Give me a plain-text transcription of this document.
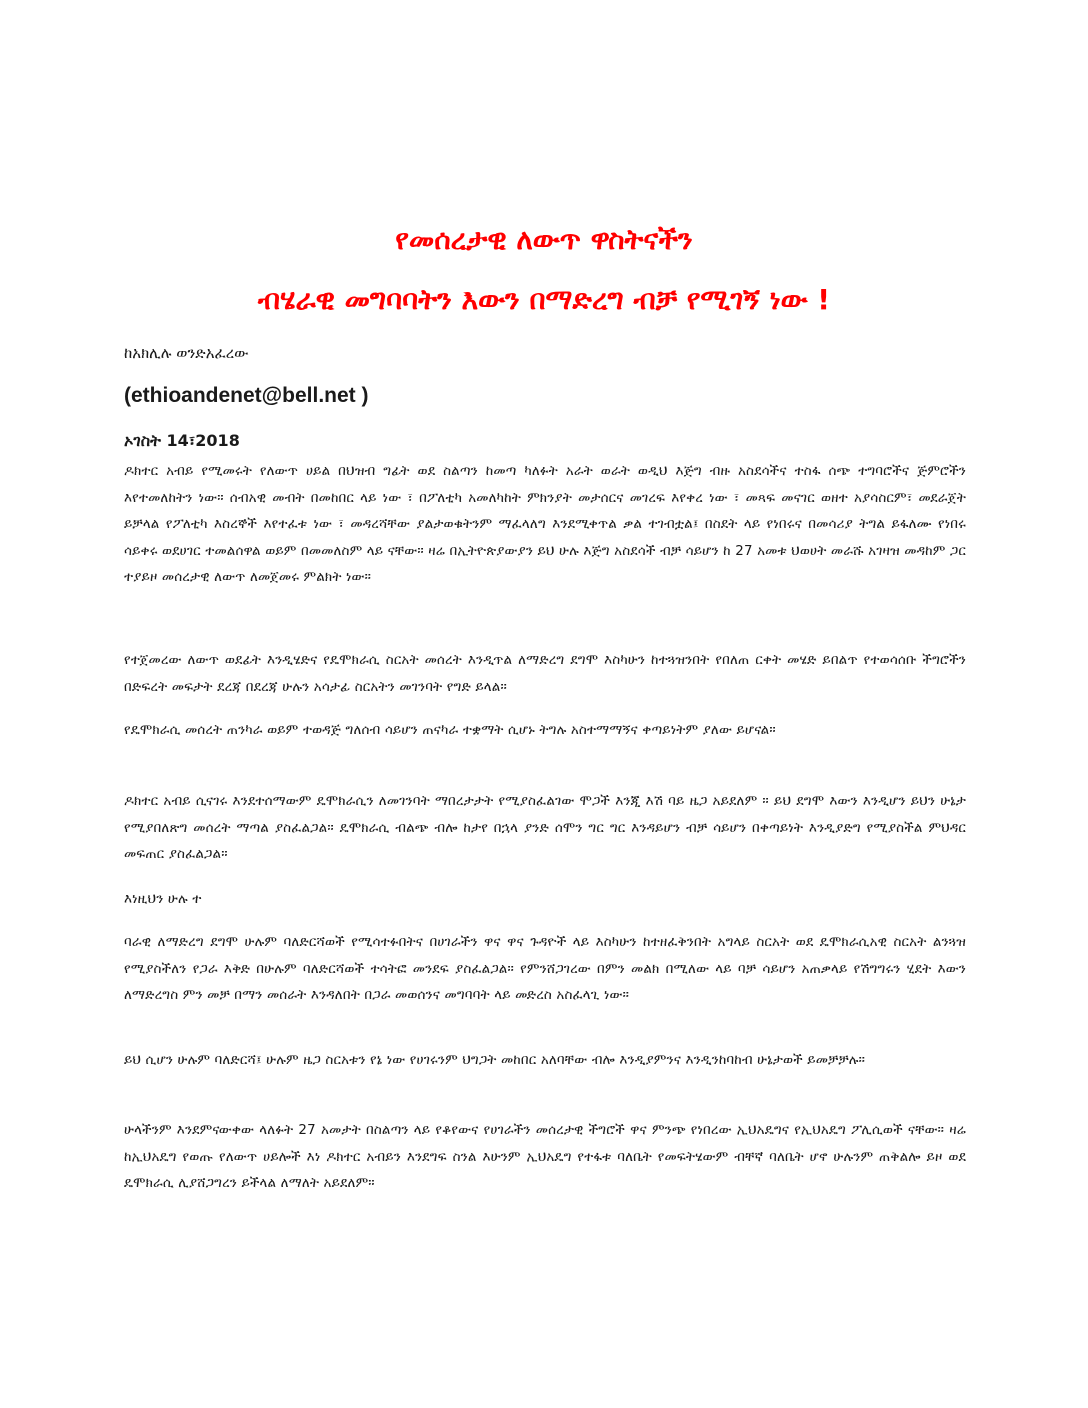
የመሰረታዊ ለውጥ ዋስትናችን
ብሄራዊ መግባባትን እውን በማድረግ ብቻ የሚገኝ ነው !
ከአክሊሉ ወንድአፈረው
(ethioandenet@bell.net )
ኦገስት 14፣2018

ዶክተር አብይ የሚመሩት የለውጥ ሀይል በህዝብ ግፊት ወደ ስልጣን ከመጣ ካለፉት አራት ወራት ወዲህ እጅግ ብዙ አስደሳችና ተስፋ ሰጭ ተግባሮችና ጅምሮችን እየተመለከትን ነው። ሰብአዊ መብት በመከበር ላይ ነው ፣ በፖለቲካ አመለካከት ምክንያት መታሰርና መገረፍ እየቀረ ነው ፣ መጻፍ መናገር ወዘተ አያሳስርም፣ መደራጀት ይቻላል የፖለቲካ እስረኞች እየተፈቱ ነው ፣ መዳረሻቸው ያልታወቁትንም ማፈላለግ እንደሚቀጥል ቃል ተገብቷል፤ በስደት ላይ የነበሩና በመሳሪያ ትግል ይፋለሙ የነበሩ ሳይቀሩ ወደሀገር ተመልሰዋል ወይም በመመለስም ላይ ናቸው። ዛሬ በኢትዮጵያውያን ይህ ሁሉ እጅግ አስደሳች ብቻ ሳይሆን ከ 27 አመቱ ህወሀት መራሹ አገዛዝ መዳከም ጋር ተያይዞ መሰረታዊ ለውጥ ለመጀመሩ ምልክት ነው።

የተጀመረው ለውጥ ወደፊት እንዲሄድና የዴሞክራሲ ስርአት መሰረት እንዲጥል ለማድረግ ደግሞ እስካሁን ከተጓዝንበት የበለጠ ርቀት መሄድ ይበልጥ የተወሳሰቡ ችግሮችን በድፍረት መፍታት ደረጃ በደረጃ ሁሉን አሳታፊ ስርአትን መገንባት የግድ ይላል።

የዴሞክራሲ መሰረት ጠንካራ ወይም ተወዳጅ ግለሰብ ሳይሆን ጠናካራ ተቋማት ሲሆኑ ትግሉ አስተማማኝና ቀጣይነትም ያለው ይሆናል።

ዶክተር አብይ ሲናገሩ እንደተሰማውም ዴሞክራሲን ለመገንባት ማበረታታት የሚያስፈልገው ሞጋች እንጂ እሽ ባይ ዜጋ አይደለም ። ይህ ደግሞ እውን እንዲሆን ይህን ሁኔታ የሚያበለጽግ መሰረት ማጣል ያስፈልጋል። ዴሞክራሲ ብልጭ ብሎ ከታየ በኋላ ያንድ ሰሞን ግር ግር እንዳይሆን ብቻ ሳይሆን በቀጣይነት እንዲያድግ የሚያስችል ምህዳር መፍጠር ያስፈልጋል።

እነዚህን ሁሉ ተ

ባራዊ ለማድረግ ደግሞ ሁሉም ባለድርሻወች የሚሳተፉበትና በሀገራችን ዋና ዋና ጉዳዮች ላይ እስካሁን ከተዘፈቅንበት አግላይ ስርአት ወደ ዴሞክራሲአዊ ስርአት ልንጓዝ የሚያስችለን የጋራ እቅድ በሁሉም ባለድርሻወች ተሳትፎ መንደፍ ያስፈልጋል። የምንሸጋገረው በምን መልክ በሚለው ላይ ባቻ ሳይሆን አጠቃላይ የሽግግሩን ሂደት እውን ለማድረግስ ምን መቻ በማን መሰራት እንዳለበት በጋራ መወሰንና መግባባት ላይ መድረስ አስፈላጊ ነው።

ይህ ሲሆን ሁሉም ባለድርሻ፤ ሁሉም ዜጋ ስርአቱን የኔ ነው የሀገሩንም ህግጋት መከበር አለባቸው ብሎ እንዲያምንና እንዲንከባከብ ሁኔታወች ይመቻቻሉ።

ሁላችንም እንደምናውቀው ላለፉት 27 አመታት በስልጣን ላይ የቆየውና የሀገራችን መሰረታዊ ችግሮች ዋና ምንጭ የነበረው ኢህአዴግና የኢህአዴግ ፖሊሲወች ናቸው። ዛሬ ከኢህአዴግ የወጡ የለውጥ ሀይሎች እነ ዶክተር አብይን እንደግፍ ስንል እሁንም ኢህአዴግ የተፋቱ ባለቤት የመፍትሄውም ብቸኛ ባለቤት ሆኖ ሁሉንም ጠቅልሎ ይዞ ወደ ዴሞክራሲ ሊያሸጋግረን ይችላል ለማለት አይደለም።
